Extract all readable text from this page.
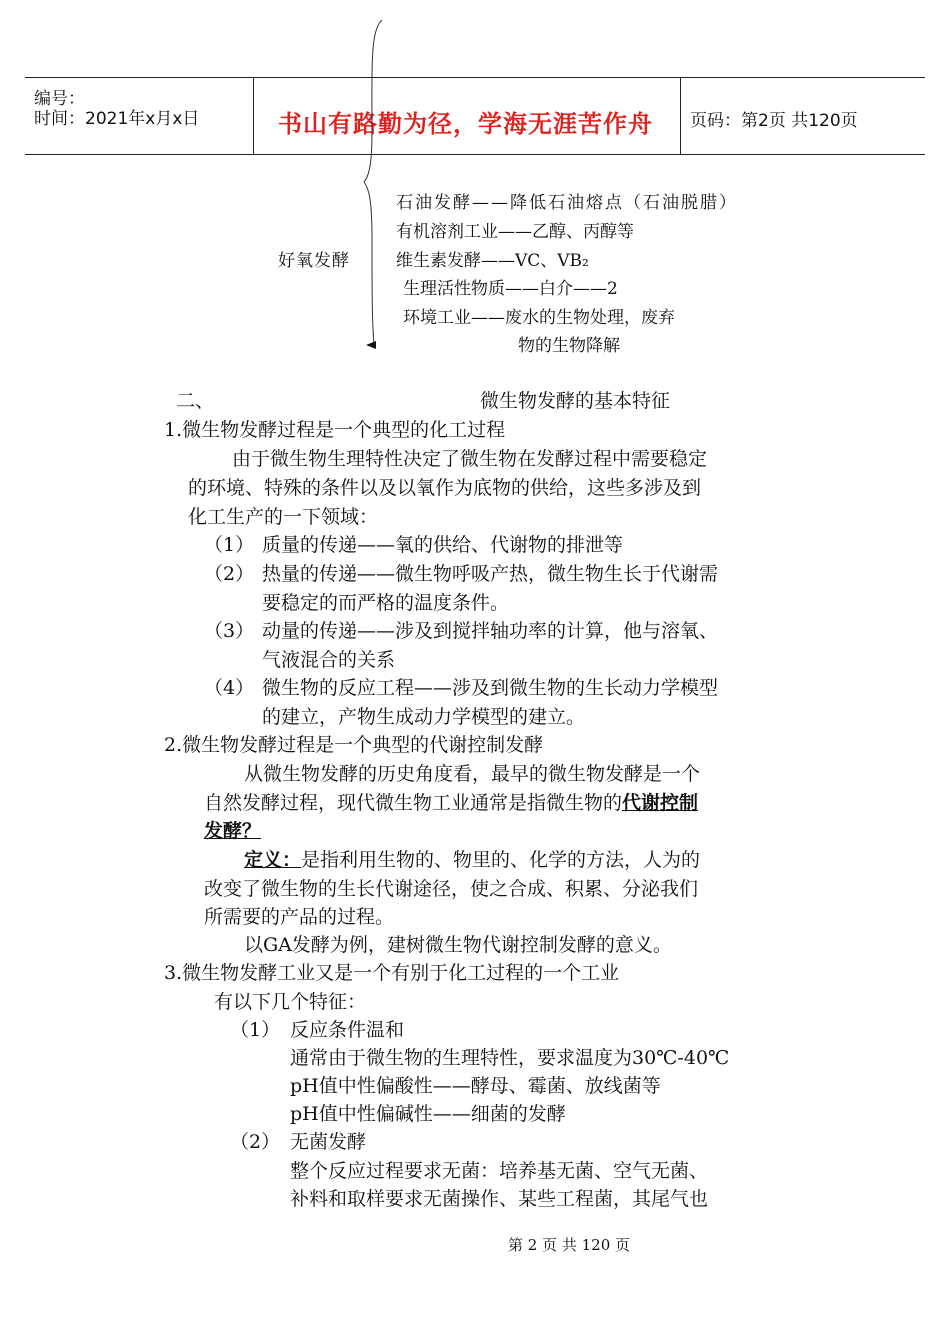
编号：
时间：2021年x月x日	书山有路勤为径，学海无涯苦作舟 页码：第2页 共120页
好氧发酵
石油发酵——降低石油熔点（石油脱腊）
有机溶剂工业——乙醇、丙醇等
维生素发酵——VC、VB₂
生理活性物质——白介——2
环境工业——废水的生物处理，废弃
物的生物降解
二、	微生物发酵的基本特征
1.微生物发酵过程是一个典型的化工过程
由于微生物生理特性决定了微生物在发酵过程中需要稳定
的环境、特殊的条件以及以氧作为底物的供给，这些多涉及到
化工生产的一下领域：
（1） 质量的传递——氧的供给、代谢物的排泄等
（2） 热量的传递——微生物呼吸产热，微生物生长于代谢需
要稳定的而严格的温度条件。
（3） 动量的传递——涉及到搅拌轴功率的计算，他与溶氧、
气液混合的关系
（4） 微生物的反应工程——涉及到微生物的生长动力学模型
的建立，产物生成动力学模型的建立。
2.微生物发酵过程是一个典型的代谢控制发酵
从微生物发酵的历史角度看，最早的微生物发酵是一个
自然发酵过程，现代微生物工业通常是指微生物的代谢控制
发酵？
定义：是指利用生物的、物里的、化学的方法，人为的
改变了微生物的生长代谢途径，使之合成、积累、分泌我们
所需要的产品的过程。
以GA发酵为例，建树微生物代谢控制发酵的意义。
3.微生物发酵工业又是一个有别于化工过程的一个工业
有以下几个特征：
（1） 反应条件温和
通常由于微生物的生理特性，要求温度为30℃-40℃
pH值中性偏酸性——酵母、霉菌、放线菌等
pH值中性偏碱性——细菌的发酵
（2） 无菌发酵
整个反应过程要求无菌：培养基无菌、空气无菌、
补料和取样要求无菌操作、某些工程菌，其尾气也
第 2 页 共 120 页
